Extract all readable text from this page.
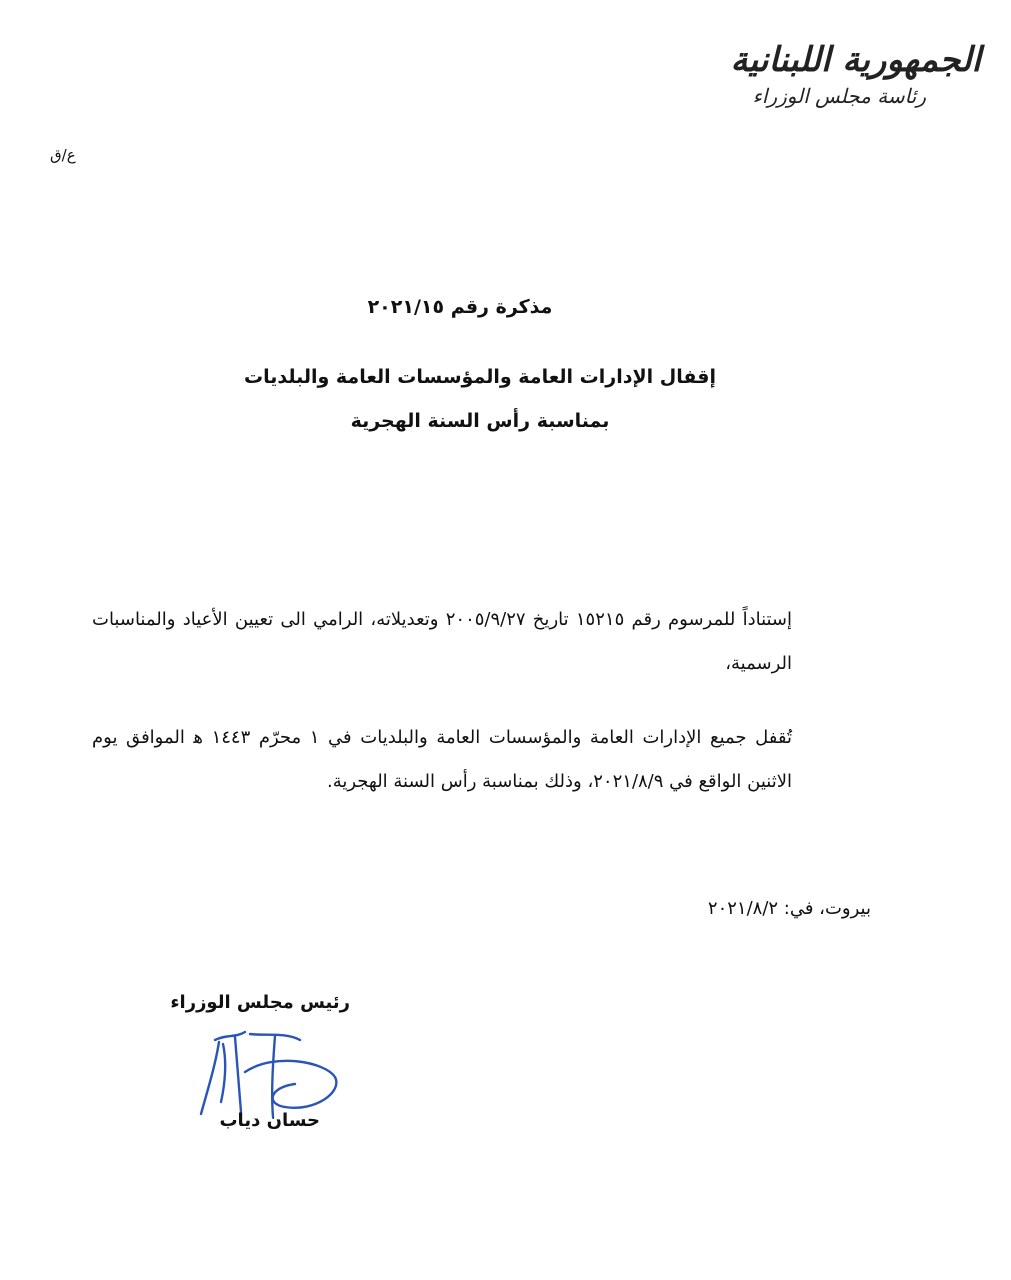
الجمهورية اللبنانية
رئاسة مجلس الوزراء
ع/ق
مذكرة رقم ٢٠٢١/١٥
إقفال الإدارات العامة والمؤسسات العامة والبلديات
بمناسبة رأس السنة الهجرية
إستناداً للمرسوم رقم ١٥٢١٥ تاريخ ٢٠٠٥/٩/٢٧ وتعديلاته، الرامي الى تعيين الأعياد والمناسبات الرسمية،
تُقفل جميع الإدارات العامة والمؤسسات العامة والبلديات في ١ محرّم ١٤٤٣ ﻫ الموافق يوم الاثنين الواقع في ٢٠٢١/٨/٩، وذلك بمناسبة رأس السنة الهجرية.
بيروت، في: ٢٠٢١/٨/٢
رئيس مجلس الوزراء
حسان دياب
